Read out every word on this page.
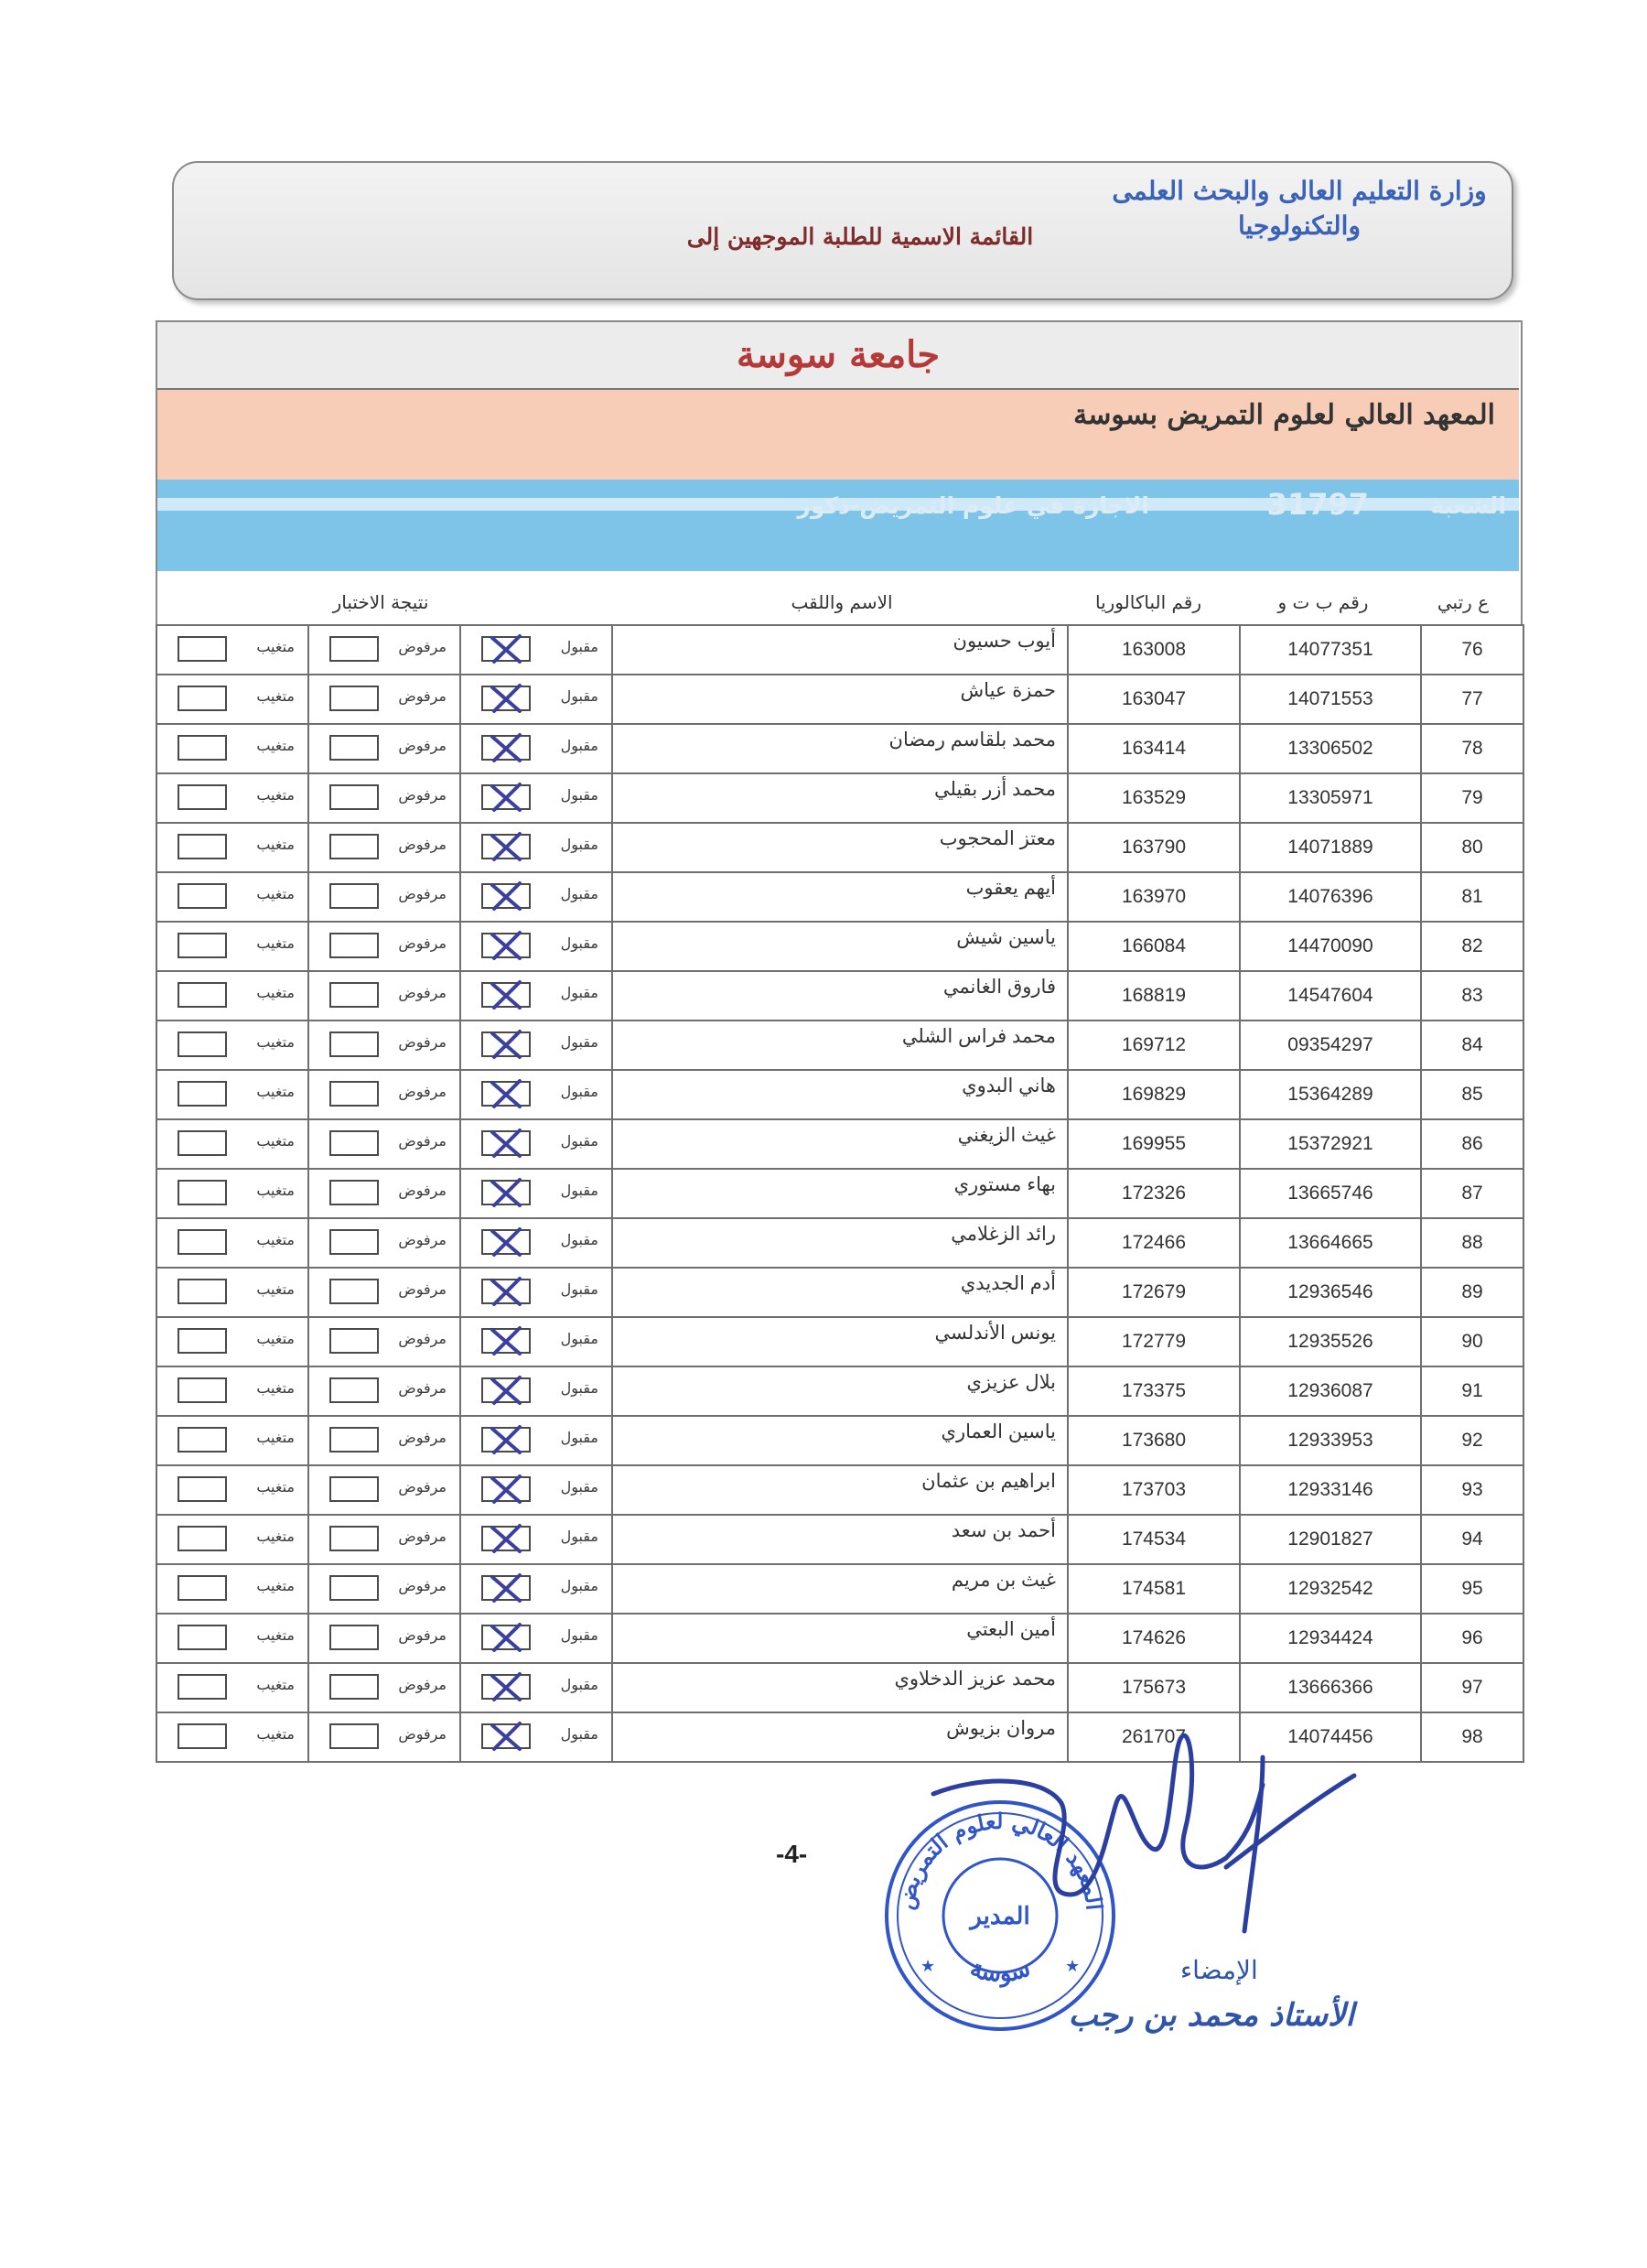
وزارة التعليم العالى والبحث العلمى
والتكنولوجيا
القائمة الاسمية للطلبة الموجهين إلى
جامعة سوسة
المعهد العالي لعلوم التمريض بسوسة
الشعبة
31797
الاجازة في علوم التمريض-ذكور
ع رتبي
رقم ب ت و
رقم الباكالوريا
الاسم واللقب
نتيجة الاختبار
76	14077351	163008	أيوب حسيون	مقبول	مرفوض	متغيب

77	14071553	163047	حمزة عياش	مقبول	مرفوض	متغيب

78	13306502	163414	محمد بلقاسم رمضان	مقبول	مرفوض	متغيب

79	13305971	163529	محمد أزر بقيلي	مقبول	مرفوض	متغيب

80	14071889	163790	معتز المحجوب	مقبول	مرفوض	متغيب

81	14076396	163970	أيهم يعقوب	مقبول	مرفوض	متغيب

82	14470090	166084	ياسين شيش	مقبول	مرفوض	متغيب

83	14547604	168819	فاروق الغانمي	مقبول	مرفوض	متغيب

84	09354297	169712	محمد فراس الشلي	مقبول	مرفوض	متغيب

85	15364289	169829	هاني البدوي	مقبول	مرفوض	متغيب

86	15372921	169955	غيث الزيغني	مقبول	مرفوض	متغيب

87	13665746	172326	بهاء مستوري	مقبول	مرفوض	متغيب

88	13664665	172466	رائد الزغلامي	مقبول	مرفوض	متغيب

89	12936546	172679	أدم الجديدي	مقبول	مرفوض	متغيب

90	12935526	172779	يونس الأندلسي	مقبول	مرفوض	متغيب

91	12936087	173375	بلال عزيزي	مقبول	مرفوض	متغيب

92	12933953	173680	ياسين العماري	مقبول	مرفوض	متغيب

93	12933146	173703	ابراهيم بن عثمان	مقبول	مرفوض	متغيب

94	12901827	174534	أحمد بن سعد	مقبول	مرفوض	متغيب

95	12932542	174581	غيث بن مريم	مقبول	مرفوض	متغيب

96	12934424	174626	أمين البعتي	مقبول	مرفوض	متغيب

97	13666366	175673	محمد عزيز الدخلاوي	مقبول	مرفوض	متغيب

98	14074456	261707	مروان بزيوش	مقبول	مرفوض	متغيب
-4-
المعهد العالي لعلوم التمريض
المدير
سوسة
★	★	الإمضاء
الأستاذ محمد بن رجب
